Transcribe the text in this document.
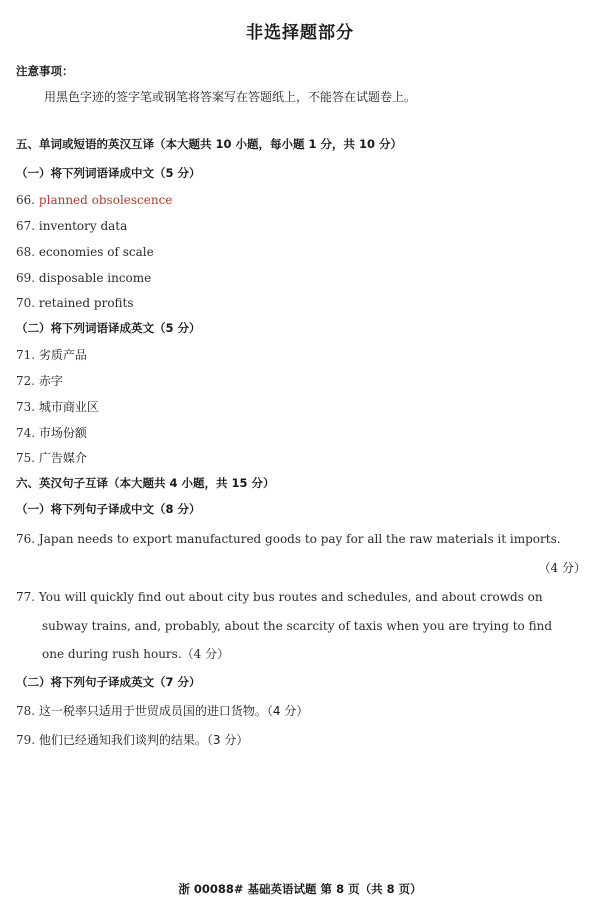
非选择题部分
注意事项：
用黑色字迹的签字笔或钢笔将答案写在答题纸上，不能答在试题卷上。
五、单词或短语的英汉互译（本大题共 10 小题，每小题 1 分，共 10 分）
（一）将下列词语译成中文（5 分）
66. planned obsolescence
67. inventory data
68. economies of scale
69. disposable income
70. retained profits
（二）将下列词语译成英文（5 分）
71. 劣质产品
72. 赤字
73. 城市商业区
74. 市场份额
75. 广告媒介
六、英汉句子互译（本大题共 4 小题，共 15 分）
（一）将下列句子译成中文（8 分）
76. Japan needs to export manufactured goods to pay for all the raw materials it imports.
（4 分）
77. You will quickly find out about city bus routes and schedules, and about crowds on
subway trains, and, probably, about the scarcity of taxis when you are trying to find
one during rush hours.（4 分）
（二）将下列句子译成英文（7 分）
78. 这一税率只适用于世贸成员国的进口货物。（4 分）
79. 他们已经通知我们谈判的结果。（3 分）
浙 00088# 基础英语试题 第 8 页（共 8 页）
